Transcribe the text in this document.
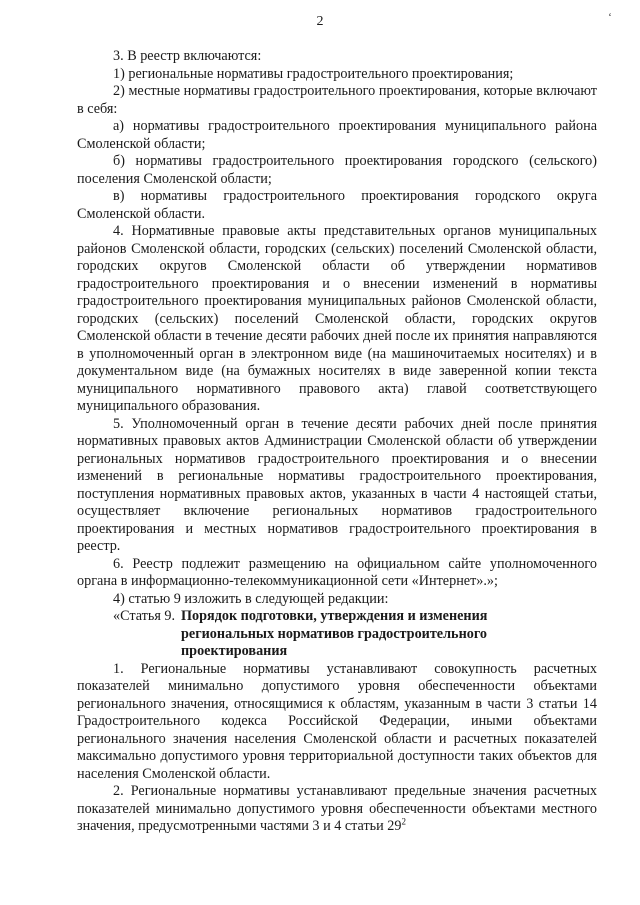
2	ʻ

3. В реестр включаются:

1) региональные нормативы градостроительного проектирования;

2) местные нормативы градостроительного проектирования, которые включают в себя:

а) нормативы градостроительного проектирования муниципального района Смоленской области;

б) нормативы градостроительного проектирования городского (сельского) поселения Смоленской области;

в) нормативы градостроительного проектирования городского округа Смоленской области.

4. Нормативные правовые акты представительных органов муниципальных районов Смоленской области, городских (сельских) поселений Смоленской области, городских округов Смоленской области об утверждении нормативов градостроительного проектирования и о внесении изменений в нормативы градостроительного проектирования муниципальных районов Смоленской области, городских (сельских) поселений Смоленской области, городских округов Смоленской области в течение десяти рабочих дней после их принятия направляются в уполномоченный орган в электронном виде (на машиночитаемых носителях) и в документальном виде (на бумажных носителях в виде заверенной копии текста муниципального нормативного правового акта) главой соответствующего муниципального образования.

5. Уполномоченный орган в течение десяти рабочих дней после принятия нормативных правовых актов Администрации Смоленской области об утверждении региональных нормативов градостроительного проектирования и о внесении изменений в региональные нормативы градостроительного проектирования, поступления нормативных правовых актов, указанных в части 4 настоящей статьи, осуществляет включение региональных нормативов градостроительного проектирования и местных нормативов градостроительного проектирования в реестр.

6. Реестр подлежит размещению на официальном сайте уполномоченного органа в информационно-телекоммуникационной сети «Интернет».»;

4) статью 9 изложить в следующей редакции:

«Статья 9. Порядок подготовки, утверждения и изменения
региональных нормативов градостроительного
проектирования

1. Региональные нормативы устанавливают совокупность расчетных показателей минимально допустимого уровня обеспеченности объектами регионального значения, относящимися к областям, указанным в части 3 статьи 14 Градостроительного кодекса Российской Федерации, иными объектами регионального значения населения Смоленской области и расчетных показателей максимально допустимого уровня территориальной доступности таких объектов для населения Смоленской области.

2. Региональные нормативы устанавливают предельные значения расчетных показателей минимально допустимого уровня обеспеченности объектами местного значения, предусмотренными частями 3 и 4 статьи $29^2$
